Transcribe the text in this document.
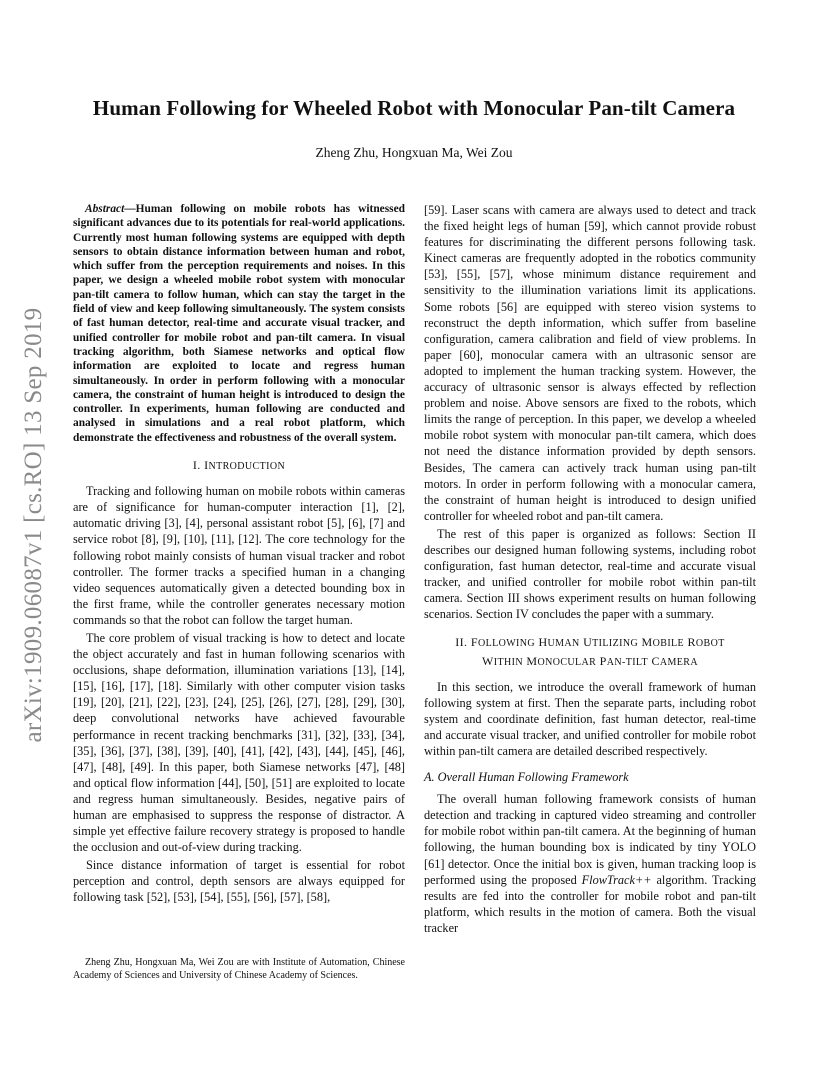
arXiv:1909.06087v1 [cs.RO] 13 Sep 2019
Human Following for Wheeled Robot with Monocular Pan-tilt Camera
Zheng Zhu, Hongxuan Ma, Wei Zou

Abstract—Human following on mobile robots has witnessed significant advances due to its potentials for real-world applications. Currently most human following systems are equipped with depth sensors to obtain distance information between human and robot, which suffer from the perception requirements and noises. In this paper, we design a wheeled mobile robot system with monocular pan-tilt camera to follow human, which can stay the target in the field of view and keep following simultaneously. The system consists of fast human detector, real-time and accurate visual tracker, and unified controller for mobile robot and pan-tilt camera. In visual tracking algorithm, both Siamese networks and optical flow information are exploited to locate and regress human simultaneously. In order in perform following with a monocular camera, the constraint of human height is introduced to design the controller. In experiments, human following are conducted and analysed in simulations and a real robot platform, which demonstrate the effectiveness and robustness of the overall system.

I. INTRODUCTION

Tracking and following human on mobile robots within cameras are of significance for human-computer interaction [1], [2], automatic driving [3], [4], personal assistant robot [5], [6], [7] and service robot [8], [9], [10], [11], [12]. The core technology for the following robot mainly consists of human visual tracker and robot controller. The former tracks a specified human in a changing video sequences automatically given a detected bounding box in the first frame, while the controller generates necessary motion commands so that the robot can follow the target human.

The core problem of visual tracking is how to detect and locate the object accurately and fast in human following scenarios with occlusions, shape deformation, illumination variations [13], [14], [15], [16], [17], [18]. Similarly with other computer vision tasks [19], [20], [21], [22], [23], [24], [25], [26], [27], [28], [29], [30], deep convolutional networks have achieved favourable performance in recent tracking benchmarks [31], [32], [33], [34], [35], [36], [37], [38], [39], [40], [41], [42], [43], [44], [45], [46], [47], [48], [49]. In this paper, both Siamese networks [47], [48] and optical flow information [44], [50], [51] are exploited to locate and regress human simultaneously. Besides, negative pairs of human are emphasised to suppress the response of distractor. A simple yet effective failure recovery strategy is proposed to handle the occlusion and out-of-view during tracking.

Since distance information of target is essential for robot perception and control, depth sensors are always equipped for following task [52], [53], [54], [55], [56], [57], [58],

[59]. Laser scans with camera are always used to detect and track the fixed height legs of human [59], which cannot provide robust features for discriminating the different persons following task. Kinect cameras are frequently adopted in the robotics community [53], [55], [57], whose minimum distance requirement and sensitivity to the illumination variations limit its applications. Some robots [56] are equipped with stereo vision systems to reconstruct the depth information, which suffer from baseline configuration, camera calibration and field of view problems. In paper [60], monocular camera with an ultrasonic sensor are adopted to implement the human tracking system. However, the accuracy of ultrasonic sensor is always effected by reflection problem and noise. Above sensors are fixed to the robots, which limits the range of perception. In this paper, we develop a wheeled mobile robot system with monocular pan-tilt camera, which does not need the distance information provided by depth sensors. Besides, The camera can actively track human using pan-tilt motors. In order in perform following with a monocular camera, the constraint of human height is introduced to design unified controller for wheeled robot and pan-tilt camera.

The rest of this paper is organized as follows: Section II describes our designed human following systems, including robot configuration, fast human detector, real-time and accurate visual tracker, and unified controller for mobile robot within pan-tilt camera. Section III shows experiment results on human following scenarios. Section IV concludes the paper with a summary.

II. FOLLOWING HUMAN UTILIZING MOBILE ROBOT
WITHIN MONOCULAR PAN-TILT CAMERA

In this section, we introduce the overall framework of human following system at first. Then the separate parts, including robot system and coordinate definition, fast human detector, real-time and accurate visual tracker, and unified controller for mobile robot within pan-tilt camera are detailed described respectively.

A. Overall Human Following Framework

The overall human following framework consists of human detection and tracking in captured video streaming and controller for mobile robot within pan-tilt camera. At the beginning of human following, the human bounding box is indicated by tiny YOLO [61] detector. Once the initial box is given, human tracking loop is performed using the proposed FlowTrack++ algorithm. Tracking results are fed into the controller for mobile robot and pan-tilt platform, which results in the motion of camera. Both the visual tracker

Zheng Zhu, Hongxuan Ma, Wei Zou are with Institute of Automation, Chinese Academy of Sciences and University of Chinese Academy of Sciences.
